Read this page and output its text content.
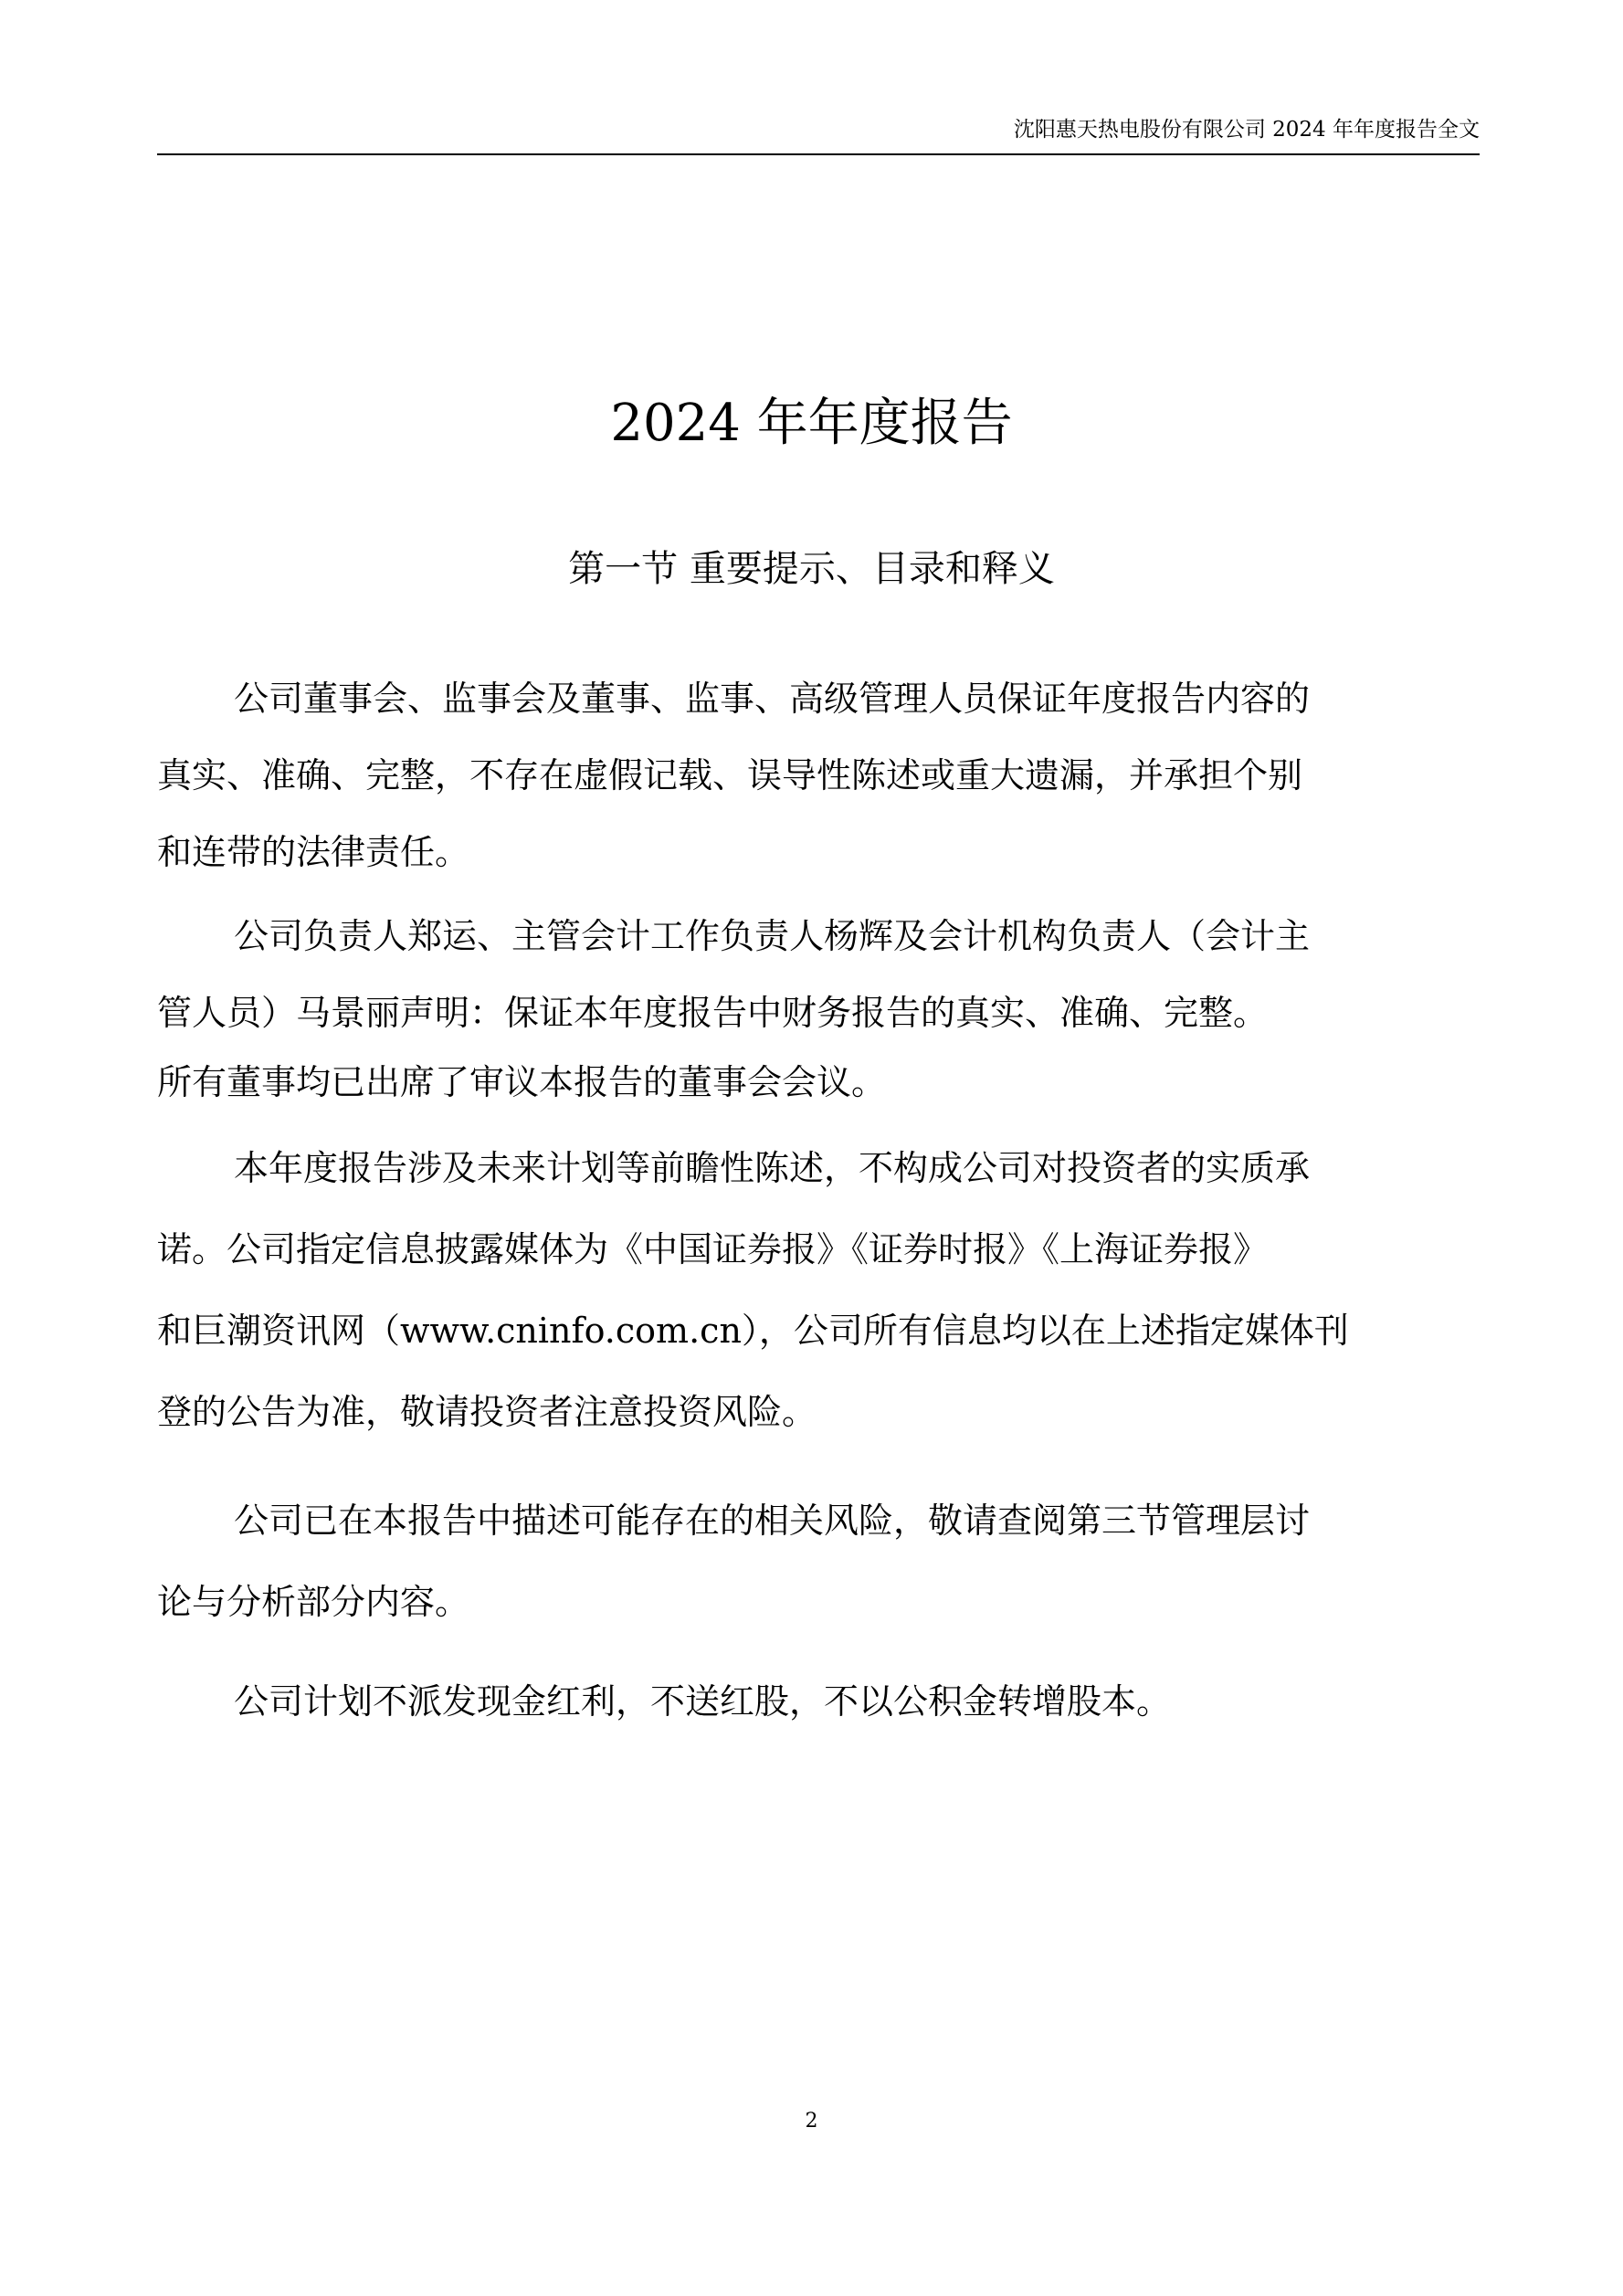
沈阳惠天热电股份有限公司 2024 年年度报告全文
2024 年年度报告
第一节 重要提示、目录和释义
公司董事会、监事会及董事、监事、高级管理人员保证年度报告内容的
真实、准确、完整，不存在虚假记载、误导性陈述或重大遗漏，并承担个别
和连带的法律责任。
公司负责人郑运、主管会计工作负责人杨辉及会计机构负责人（会计主
管人员）马景丽声明：保证本年度报告中财务报告的真实、准确、完整。
所有董事均已出席了审议本报告的董事会会议。
本年度报告涉及未来计划等前瞻性陈述，不构成公司对投资者的实质承
诺。公司指定信息披露媒体为《中国证券报》《证券时报》《上海证券报》
和巨潮资讯网（www.cninfo.com.cn），公司所有信息均以在上述指定媒体刊
登的公告为准，敬请投资者注意投资风险。
公司已在本报告中描述可能存在的相关风险，敬请查阅第三节管理层讨
论与分析部分内容。
公司计划不派发现金红利，不送红股，不以公积金转增股本。
2
